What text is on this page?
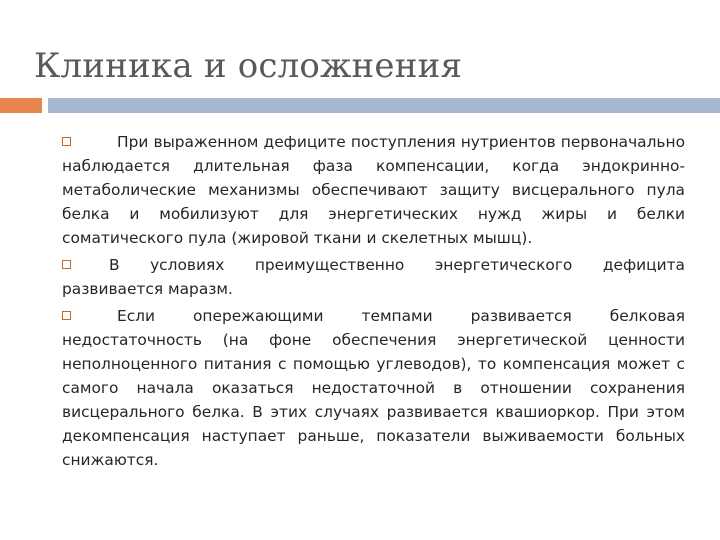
Клиника и осложнения

При выраженном дефиците поступления нутриентов первоначально наблюдается длительная фаза компенсации, когда эндокринно-метаболические механизмы обеспечивают защиту висцерального пула белка и мобилизуют для энергетических нужд жиры и белки соматического пула (жировой ткани и скелетных мышц).

В условиях преимущественно энергетического дефицита развивается маразм.

Если опережающими темпами развивается белковая недостаточность (на фоне обеспечения энергетической ценности неполноценного питания с помощью углеводов), то компенсация может с самого начала оказаться недостаточной в отношении сохранения висцерального белка. В этих случаях развивается квашиоркор. При этом декомпенсация наступает раньше, показатели выживаемости больных снижаются.
